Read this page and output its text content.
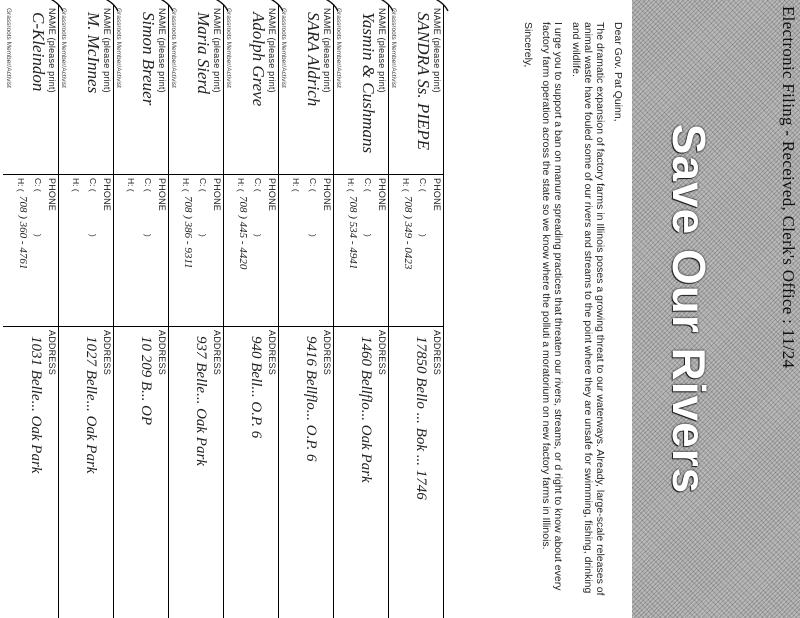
Electronic Filing - Received, Clerk's Office : 11/24
Save Our Rivers

Dear Gov. Pat Quinn,

The dramatic expansion of factory farms in Illinois poses a growing threat to our waterways. Already, large-scale releases of animal waste have fouled some of our rivers and streams to the point where they are unsafe for swimming, fishing, drinking and wildlife.

I urge you to support a ban on manure spreading practices that threaten our rivers, streams, or d right to know about every factory farm operation across the state so we know where the polluti a moratorium on new factory farms in Illinois.

Sincerely,

NAME (please print)
SANDRA Ss. PIEPE
Grassroots Member/Activist
PHONE
C: (
)
H: (
708 ) 349 - 0423
ADDRESS
17850 Bello ... Bok ... 1746
NAME (please print)
Yasmin & Cushmans
Grassroots Member/Activist
PHONE
C: (
)
H: (
708 ) 534 - 4941
ADDRESS
1460 Bellflo... Oak Park
NAME (please print)
SARA Aldrich
Grassroots Member/Activist
PHONE
C: (
)
H: (
ADDRESS
9416 Bellflo... O.P. 6
NAME (please print)
Adolph Greve
Grassroots Member/Activist
PHONE
C: (
)
H: (
708 ) 445 - 4420
ADDRESS
940 Bell... O.P. 6
NAME (please print)
Maria Sierd
Grassroots Member/Activist
PHONE
C: (
)
H: (
708 ) 386 - 9311
ADDRESS
937 Belle... Oak Park
NAME (please print)
Simon Breuer
Grassroots Member/Activist
PHONE
C: (
)
H: (
ADDRESS
10 209 B... OP
NAME (please print)
M. McInnes
Grassroots Member/Activist
PHONE
C: (
)
H: (
ADDRESS
1027 Belle... Oak Park
NAME (please print)
C-Kleindon
Grassroots Member/Activist
PHONE
C: (
)
H: (
708 ) 360 - 4761
ADDRESS
1031 Belle... Oak Park
